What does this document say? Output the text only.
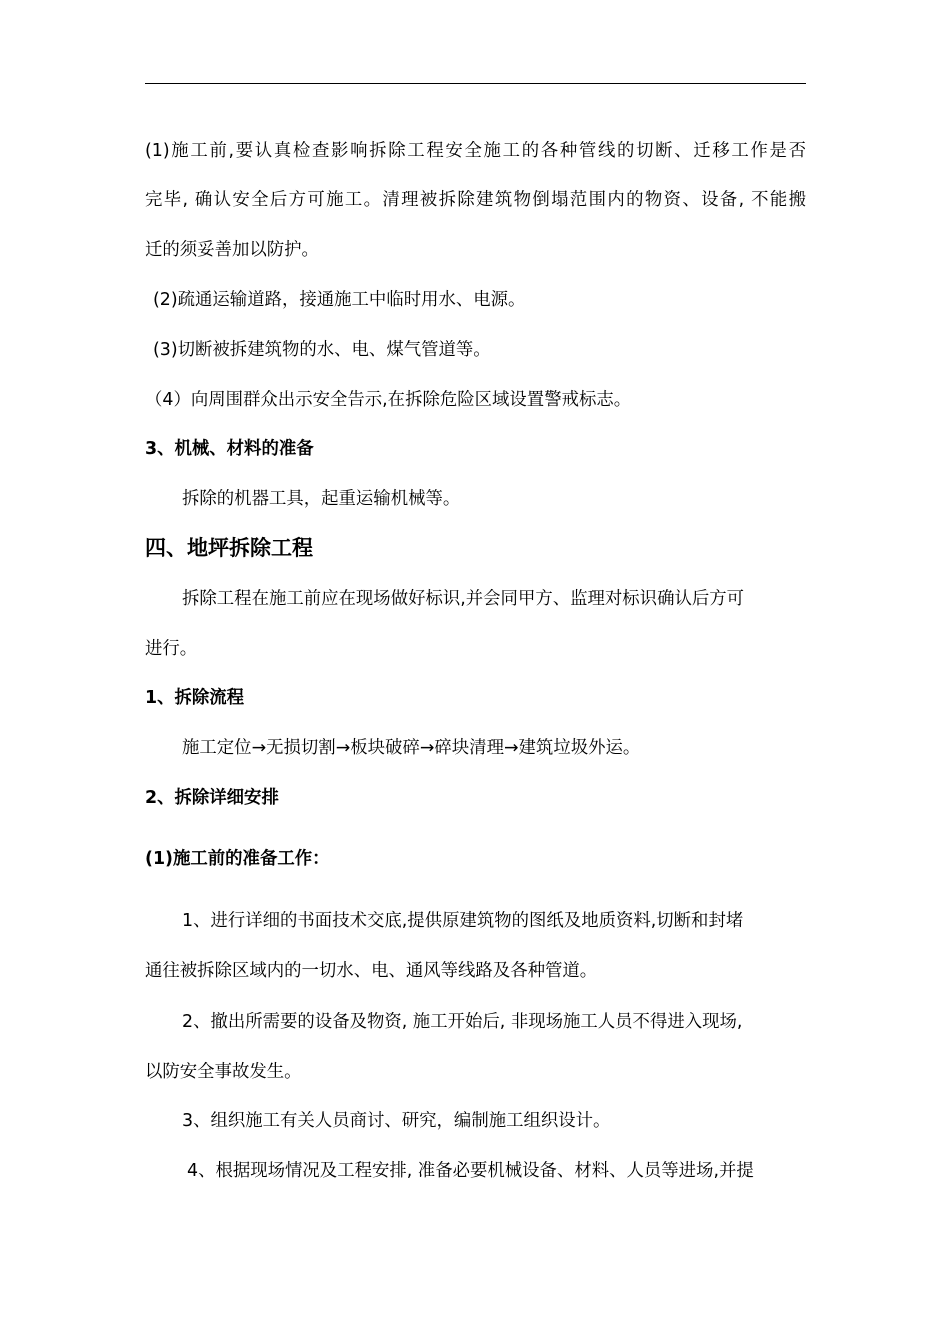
(1)施工前,要认真检查影响拆除工程安全施工的各种管线的切断、迁移工作是否
完毕, 确认安全后方可施工。清理被拆除建筑物倒塌范围内的物资、设备, 不能搬
迁的须妥善加以防护。
(2)疏通运输道路，接通施工中临时用水、电源。
(3)切断被拆建筑物的水、电、煤气管道等。
（4）向周围群众出示安全告示,在拆除危险区域设置警戒标志。
3、机械、材料的准备
拆除的机器工具，起重运输机械等。
四、地坪拆除工程
拆除工程在施工前应在现场做好标识,并会同甲方、监理对标识确认后方可
进行。
1、拆除流程
施工定位→无损切割→板块破碎→碎块清理→建筑垃圾外运。
2、拆除详细安排
(1)施工前的准备工作：
1、进行详细的书面技术交底,提供原建筑物的图纸及地质资料,切断和封堵
通往被拆除区域内的一切水、电、通风等线路及各种管道。
2、撤出所需要的设备及物资, 施工开始后, 非现场施工人员不得进入现场,
以防安全事故发生。
3、组织施工有关人员商讨、研究，编制施工组织设计。
4、根据现场情况及工程安排, 准备必要机械设备、材料、人员等进场,并提
